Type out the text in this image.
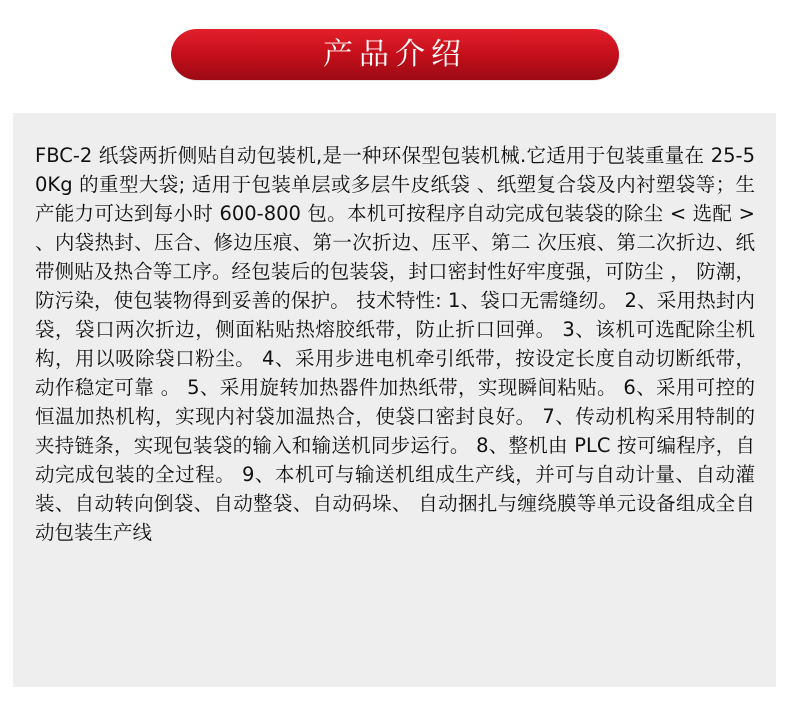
产品介绍

FBC-2 纸袋两折侧贴自动包装机,是一种环保型包装机械.它适用于包装重量在 25-50Kg 的重型大袋; 适用于包装单层或多层牛皮纸袋 、纸塑复合袋及内衬塑袋等；生产能力可达到每小时 600-800 包。本机可按程序自动完成包装袋的除尘 < 选配 > 、内袋热封、压合、修边压痕、第一次折边、压平、第二 次压痕、第二次折边、纸带侧贴及热合等工序。经包装后的包装袋，封口密封性好牢度强，可防尘 ， 防潮，防污染，使包装物得到妥善的保护。 技术特性: 1、袋口无需缝纫。 2、采用热封内袋，袋口两次折边，侧面粘贴热熔胶纸带，防止折口回弹。 3、该机可选配除尘机构，用以吸除袋口粉尘。 4、采用步进电机牵引纸带，按设定长度自动切断纸带，动作稳定可靠 。 5、采用旋转加热器件加热纸带，实现瞬间粘贴。 6、采用可控的恒温加热机构，实现内衬袋加温热合，使袋口密封良好。 7、传动机构采用特制的夹持链条，实现包装袋的输入和输送机同步运行。 8、整机由 PLC 按可编程序，自动完成包装的全过程。 9、本机可与输送机组成生产线，并可与自动计量、自动灌装、自动转向倒袋、自动整袋、自动码垛、 自动捆扎与缠绕膜等单元设备组成全自动包装生产线
